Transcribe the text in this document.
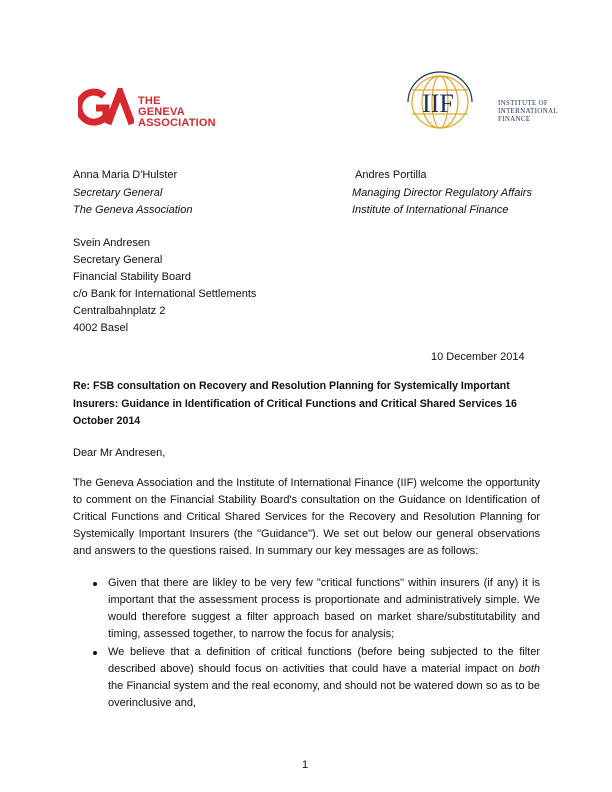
THE
GENEVA
ASSOCIATION
IIF	INSTITUTE OF
INTERNATIONAL
FINANCE
Anna Maria D'Hulster
Secretary General
The Geneva Association
Andres Portilla
Managing Director Regulatory Affairs
Institute of International Finance
Svein Andresen
Secretary General
Financial Stability Board
c/o Bank for International Settlements
Centralbahnplatz 2
4002 Basel
10 December 2014
Re: FSB consultation on Recovery and Resolution Planning for Systemically Important
Insurers: Guidance in Identification of Critical Functions and Critical Shared Services 16
October 2014
Dear Mr Andresen,
The Geneva Association and the Institute of International Finance (IIF) welcome the opportunity to comment on the Financial Stability Board's consultation on the Guidance on Identification of Critical Functions and Critical Shared Services for the Recovery and Resolution Planning for Systemically Important Insurers (the "Guidance"). We set out below our general observations and answers to the questions raised. In summary our key messages are as follows:
Given that there are likley to be very few "critical functions" within insurers (if any) it is important that the assessment process is proportionate and administratively simple. We would therefore suggest a filter approach based on market share/substitutability and timing, assessed together, to narrow the focus for analysis;
We believe that a definition of critical functions (before being subjected to the filter described above) should focus on activities that could have a material impact on both the Financial system and the real economy, and should not be watered down so as to be overinclusive and,
1
